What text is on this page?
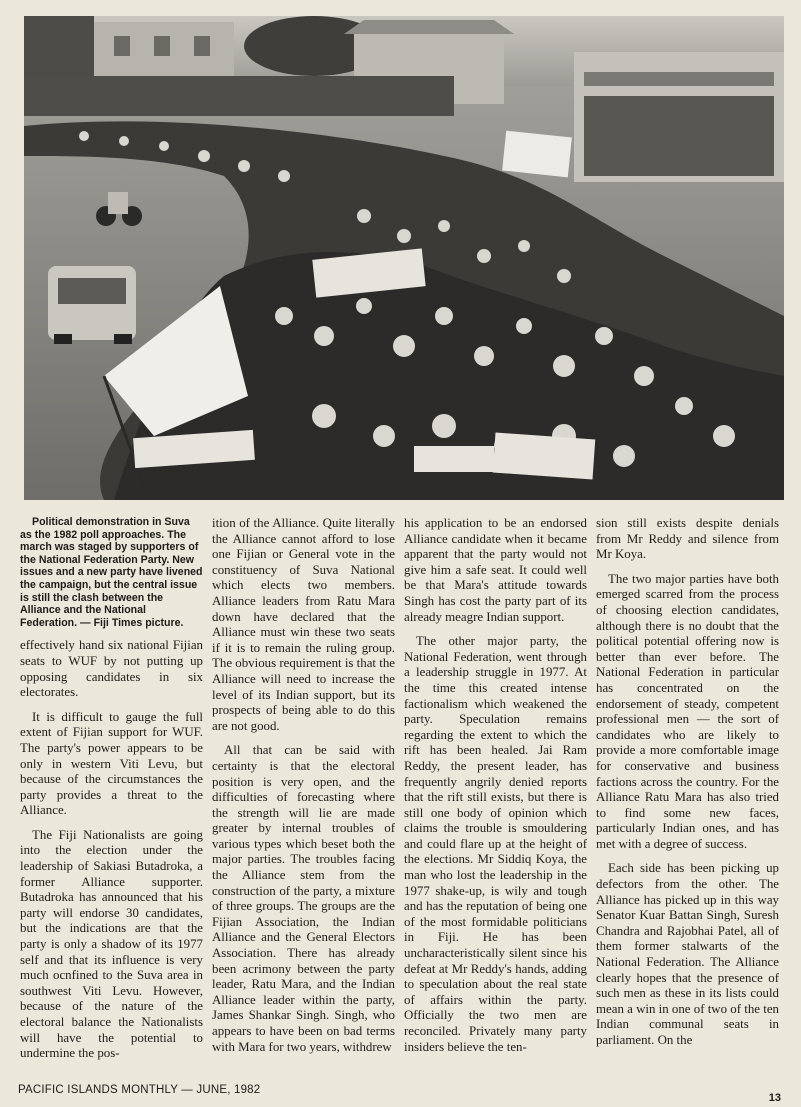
Political demonstration in Suva as the 1982 poll approaches. The march was staged by supporters of the National Federation Party. New issues and a new party have livened the campaign, but the central issue is still the clash between the Alliance and the National Federation. — Fiji Times picture.

effectively hand six national Fijian seats to WUF by not putting up opposing candidates in six electorates.

It is difficult to gauge the full extent of Fijian support for WUF. The party's power appears to be only in western Viti Levu, but because of the circumstances the party provides a threat to the Alliance.

The Fiji Nationalists are going into the election under the leadership of Sakiasi Butadroka, a former Alliance supporter. Butadroka has announced that his party will endorse 30 candidates, but the indications are that the party is only a shadow of its 1977 self and that its influence is very much ocnfined to the Suva area in southwest Viti Levu. However, because of the nature of the electoral balance the Nationalists will have the potential to undermine the pos-

ition of the Alliance. Quite literally the Alliance cannot afford to lose one Fijian or General vote in the constituency of Suva National which elects two members. Alliance leaders from Ratu Mara down have declared that the Alliance must win these two seats if it is to remain the ruling group. The obvious requirement is that the Alliance will need to increase the level of its Indian support, but its prospects of being able to do this are not good.

All that can be said with certainty is that the electoral position is very open, and the difficulties of forecasting where the strength will lie are made greater by internal troubles of various types which beset both the major parties. The troubles facing the Alliance stem from the construction of the party, a mixture of three groups. The groups are the Fijian Association, the Indian Alliance and the General Electors Association. There has already been acrimony between the party leader, Ratu Mara, and the Indian Alliance leader within the party, James Shankar Singh. Singh, who appears to have been on bad terms with Mara for two years, withdrew

his application to be an endorsed Alliance candidate when it became apparent that the party would not give him a safe seat. It could well be that Mara's attitude towards Singh has cost the party part of its already meagre Indian support.

The other major party, the National Federation, went through a leadership struggle in 1977. At the time this created intense factionalism which weakened the party. Speculation remains regarding the extent to which the rift has been healed. Jai Ram Reddy, the present leader, has frequently angrily denied reports that the rift still exists, but there is still one body of opinion which claims the trouble is smouldering and could flare up at the height of the elections. Mr Siddiq Koya, the man who lost the leadership in the 1977 shake-up, is wily and tough and has the reputation of being one of the most formidable politicians in Fiji. He has been uncharacteristically silent since his defeat at Mr Reddy's hands, adding to speculation about the real state of affairs within the party. Officially the two men are reconciled. Privately many party insiders believe the ten-

sion still exists despite denials from Mr Reddy and silence from Mr Koya.

The two major parties have both emerged scarred from the process of choosing election candidates, although there is no doubt that the political potential offering now is better than ever before. The National Federation in particular has concentrated on the endorsement of steady, competent professional men — the sort of candidates who are likely to provide a more comfortable image for conservative and business factions across the country. For the Alliance Ratu Mara has also tried to find some new faces, particularly Indian ones, and has met with a degree of success.

Each side has been picking up defectors from the other. The Alliance has picked up in this way Senator Kuar Battan Singh, Suresh Chandra and Rajobhai Patel, all of them former stalwarts of the National Federation. The Alliance clearly hopes that the presence of such men as these in its lists could mean a win in one of two of the ten Indian communal seats in parliament. On the

PACIFIC ISLANDS MONTHLY — JUNE, 1982
13
